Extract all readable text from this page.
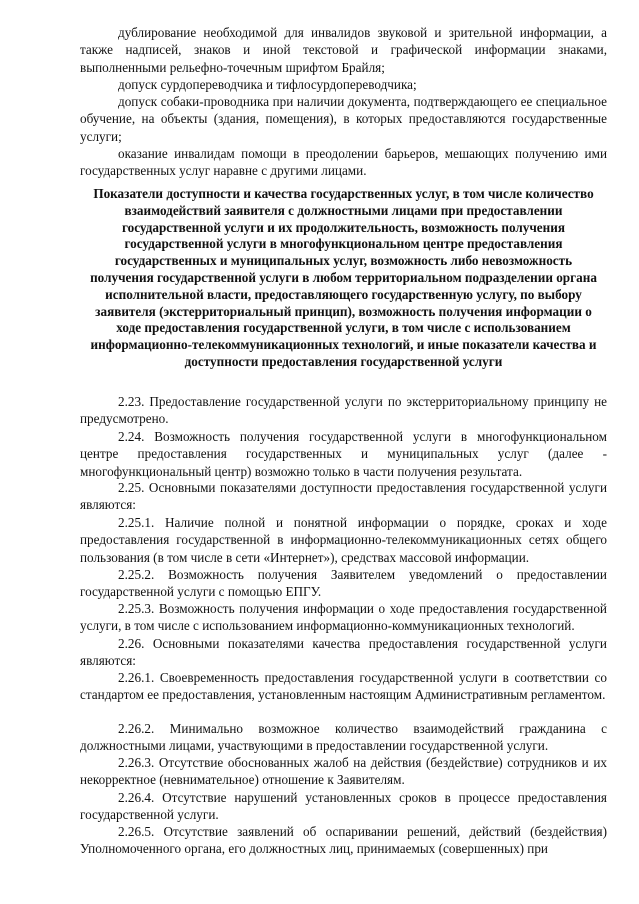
дублирование необходимой для инвалидов звуковой и зрительной информации, а также надписей, знаков и иной текстовой и графической информации знаками, выполненными рельефно-точечным шрифтом Брайля;

допуск сурдопереводчика и тифлосурдопереводчика;

допуск собаки-проводника при наличии документа, подтверждающего ее специальное обучение, на объекты (здания, помещения), в которых предоставляются государственные услуги;

оказание инвалидам помощи в преодолении барьеров, мешающих получению ими государственных услуг наравне с другими лицами.

Показатели доступности и качества государственных услуг, в том числе количество взаимодействий заявителя с должностными лицами при предоставлении государственной услуги и их продолжительность, возможность получения государственной услуги в многофункциональном центре предоставления государственных и муниципальных услуг, возможность либо невозможность получения государственной услуги в любом территориальном подразделении органа исполнительной власти, предоставляющего государственную услугу, по выбору заявителя (экстерриториальный принцип), возможность получения информации о ходе предоставления государственной услуги, в том числе с использованием информационно-телекоммуникационных технологий, и иные показатели качества и доступности предоставления государственной услуги

2.23. Предоставление государственной услуги по экстерриториальному принципу не предусмотрено.

2.24. Возможность получения государственной услуги в многофункциональном центре предоставления государственных и муниципальных услуг (далее - многофункциональный центр) возможно только в части получения результата.

2.25. Основными показателями доступности предоставления государственной услуги являются:

2.25.1. Наличие полной и понятной информации о порядке, сроках и ходе предоставления государственной в информационно-телекоммуникационных сетях общего пользования (в том числе в сети «Интернет»), средствах массовой информации.

2.25.2. Возможность получения Заявителем уведомлений о предоставлении государственной услуги с помощью ЕПГУ.

2.25.3. Возможность получения информации о ходе предоставления государственной услуги, в том числе с использованием информационно-коммуникационных технологий.

2.26. Основными показателями качества предоставления государственной услуги являются:

2.26.1. Своевременность предоставления государственной услуги в соответствии со стандартом ее предоставления, установленным настоящим Административным регламентом.

2.26.2. Минимально возможное количество взаимодействий гражданина с должностными лицами, участвующими в предоставлении государственной услуги.

2.26.3. Отсутствие обоснованных жалоб на действия (бездействие) сотрудников и их некорректное (невнимательное) отношение к Заявителям.

2.26.4. Отсутствие нарушений установленных сроков в процессе предоставления государственной услуги.

2.26.5. Отсутствие заявлений об оспаривании решений, действий (бездействия) Уполномоченного органа, его должностных лиц, принимаемых (совершенных) при
